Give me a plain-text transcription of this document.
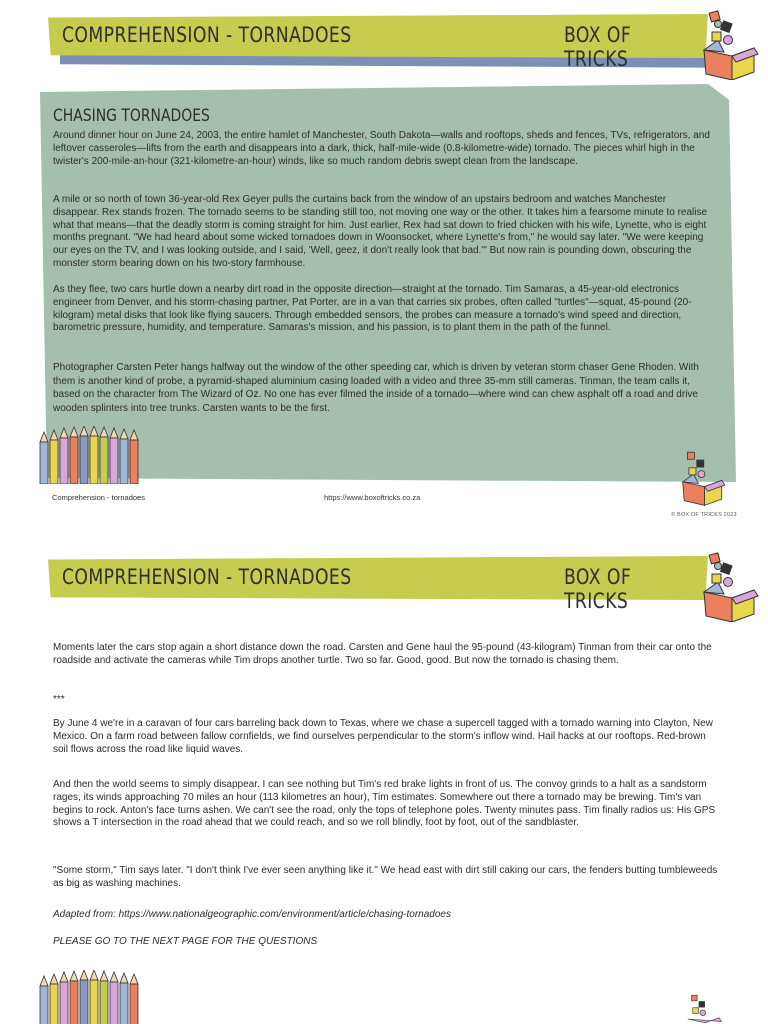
COMPREHENSION - TORNADOES	BOX OF TRICKS
CHASING TORNADOES

Around dinner hour on June 24, 2003, the entire hamlet of Manchester, South Dakota—walls and rooftops, sheds and fences, TVs, refrigerators, and leftover casseroles—lifts from the earth and disappears into a dark, thick, half-mile-wide (0.8-kilometre-wide) tornado. The pieces whirl high in the twister's 200-mile-an-hour (321-kilometre-an-hour) winds, like so much random debris swept clean from the landscape.

A mile or so north of town 36-year-old Rex Geyer pulls the curtains back from the window of an upstairs bedroom and watches Manchester disappear. Rex stands frozen. The tornado seems to be standing still too, not moving one way or the other. It takes him a fearsome minute to realise what that means—that the deadly storm is coming straight for him. Just earlier, Rex had sat down to fried chicken with his wife, Lynette, who is eight months pregnant. "We had heard about some wicked tornadoes down in Woonsocket, where Lynette's from," he would say later. "We were keeping our eyes on the TV, and I was looking outside, and I said, 'Well, geez, it don't really look that bad.'" But now rain is pounding down, obscuring the monster storm bearing down on his two-story farmhouse.

As they flee, two cars hurtle down a nearby dirt road in the opposite direction—straight at the tornado. Tim Samaras, a 45-year-old electronics engineer from Denver, and his storm-chasing partner, Pat Porter, are in a van that carries six probes, often called "turtles"—squat, 45-pound (20-kilogram) metal disks that look like flying saucers. Through embedded sensors, the probes can measure a tornado's wind speed and direction, barometric pressure, humidity, and temperature. Samaras's mission, and his passion, is to plant them in the path of the funnel.

Photographer Carsten Peter hangs halfway out the window of the other speeding car, which is driven by veteran storm chaser Gene Rhoden. With them is another kind of probe, a pyramid-shaped aluminium casing loaded with a video and three 35-mm still cameras. Tinman, the team calls it, based on the character from The Wizard of Oz. No one has ever filmed the inside of a tornado—where wind can chew asphalt off a road and drive wooden splinters into tree trunks. Carsten wants to be the first.

Comprehension - tornadoes	https://www.boxoftricks.co.za
© BOX OF TRICKS 2023
COMPREHENSION - TORNADOES	BOX OF TRICKS

Moments later the cars stop again a short distance down the road. Carsten and Gene haul the 95-pound (43-kilogram) Tinman from their car onto the roadside and activate the cameras while Tim drops another turtle. Two so far. Good, good. But now the tornado is chasing them.

***

By June 4 we're in a caravan of four cars barreling back down to Texas, where we chase a supercell tagged with a tornado warning into Clayton, New Mexico. On a farm road between fallow cornfields, we find ourselves perpendicular to the storm's inflow wind. Hail hacks at our rooftops. Red-brown soil flows across the road like liquid waves.

And then the world seems to simply disappear. I can see nothing but Tim's red brake lights in front of us. The convoy grinds to a halt as a sandstorm rages, its winds approaching 70 miles an hour (113 kilometres an hour), Tim estimates. Somewhere out there a tornado may be brewing. Tim's van begins to rock. Anton's face turns ashen. We can't see the road, only the tops of telephone poles. Twenty minutes pass. Tim finally radios us: His GPS shows a T intersection in the road ahead that we could reach, and so we roll blindly, foot by foot, out of the sandblaster.

"Some storm," Tim says later. "I don't think I've ever seen anything like it." We head east with dirt still caking our cars, the fenders butting tumbleweeds as big as washing machines.

Adapted from: https://www.nationalgeographic.com/environment/article/chasing-tornadoes

PLEASE GO TO THE NEXT PAGE FOR THE QUESTIONS
